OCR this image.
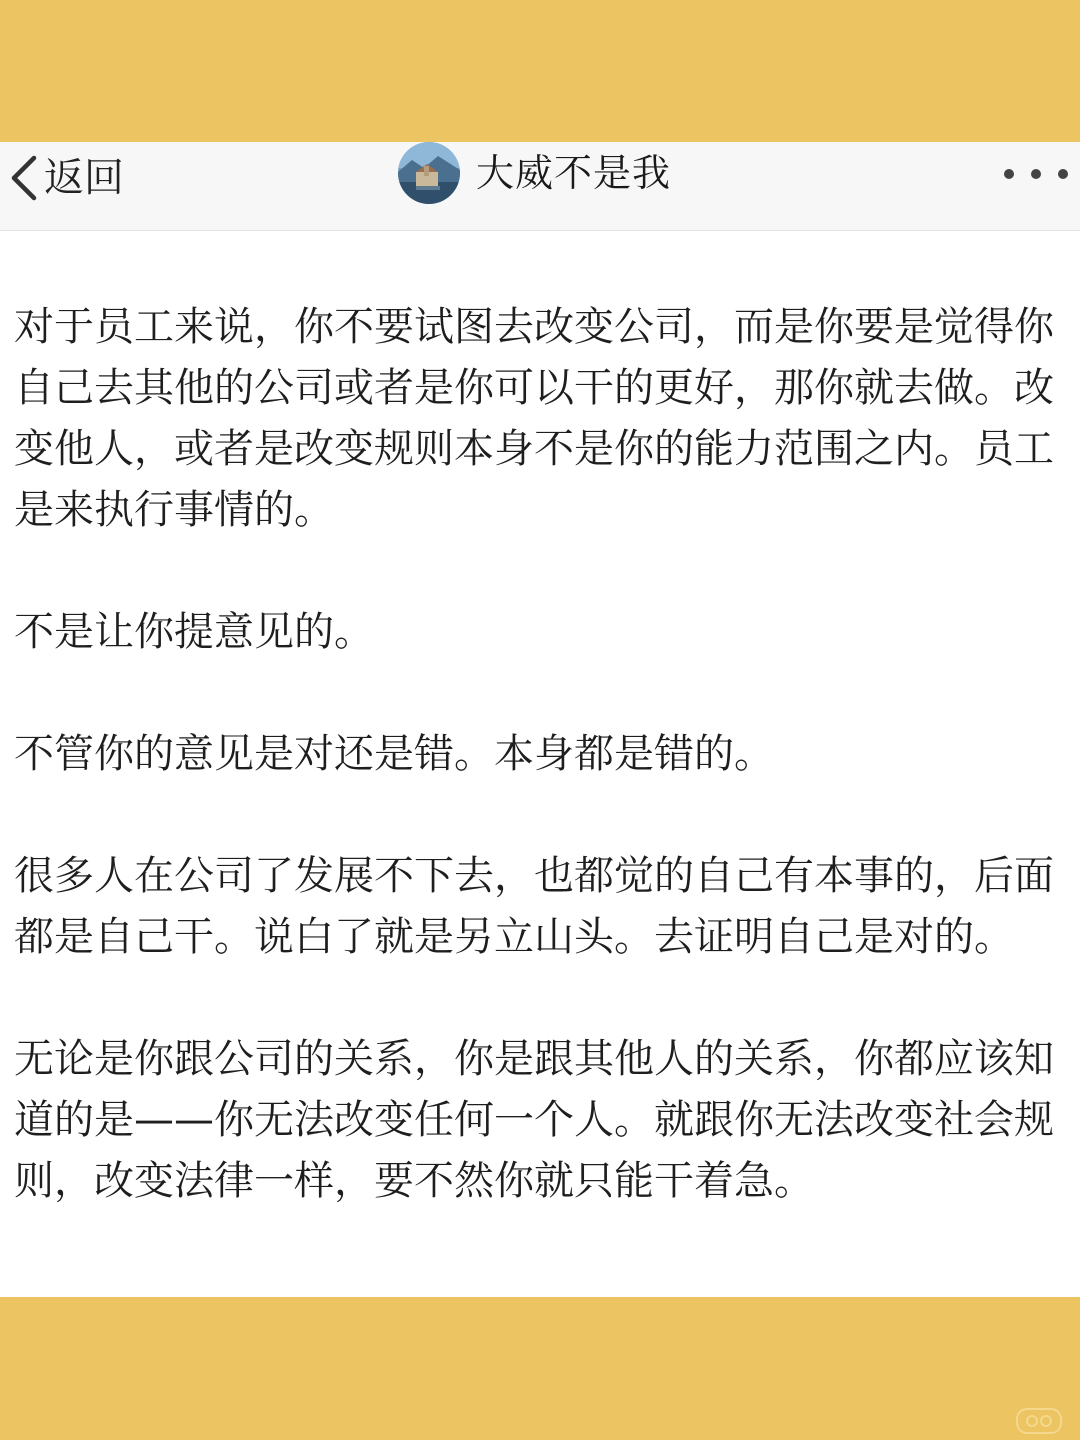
返回	大威不是我

对于员工来说，你不要试图去改变公司，而是你要是觉得你自己去其他的公司或者是你可以干的更好，那你就去做。改变他人，或者是改变规则本身不是你的能力范围之内。员工是来执行事情的。

不是让你提意见的。

不管你的意见是对还是错。本身都是错的。

很多人在公司了发展不下去，也都觉的自己有本事的，后面都是自己干。说白了就是另立山头。去证明自己是对的。

无论是你跟公司的关系，你是跟其他人的关系，你都应该知道的是——你无法改变任何一个人。就跟你无法改变社会规则，改变法律一样，要不然你就只能干着急。
